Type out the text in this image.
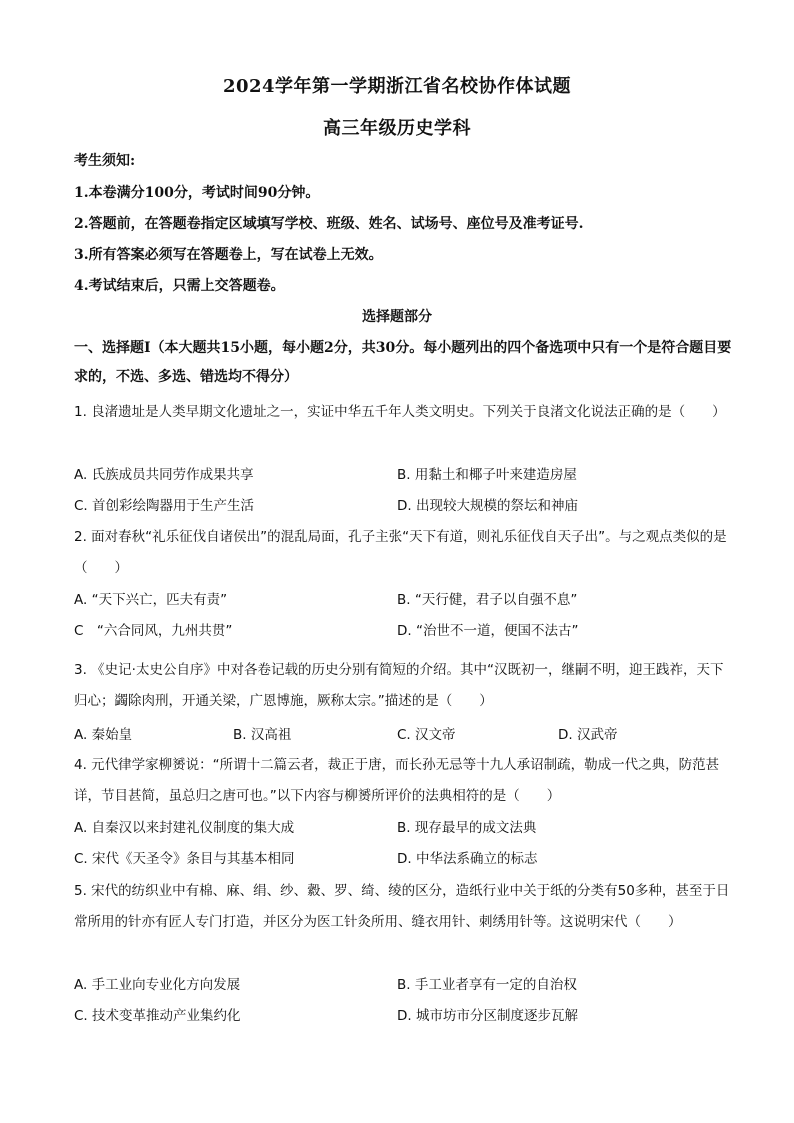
2024学年第一学期浙江省名校协作体试题
高三年级历史学科
考生须知:
1.本卷满分100分，考试时间90分钟。
2.答题前，在答题卷指定区域填写学校、班级、姓名、试场号、座位号及准考证号.
3.所有答案必须写在答题卷上，写在试卷上无效。
4.考试结束后，只需上交答题卷。
选择题部分
一、选择题Ⅰ（本大题共15小题，每小题2分，共30分。每小题列出的四个备选项中只有一个是符合题目要求的，不选、多选、错选均不得分）
1. 良渚遗址是人类早期文化遗址之一，实证中华五千年人类文明史。下列关于良渚文化说法正确的是（　　）
A. 氏族成员共同劳作成果共享	B. 用黏土和椰子叶来建造房屋
C. 首创彩绘陶器用于生产生活	D. 出现较大规模的祭坛和神庙
2. 面对春秋“礼乐征伐自诸侯出”的混乱局面，孔子主张“天下有道，则礼乐征伐自天子出”。与之观点类似的是（　　）
A. “天下兴亡，匹夫有责”	B. “天行健，君子以自强不息”
C　“六合同风，九州共贯”	D. “治世不一道，便国不法古”
3. 《史记·太史公自序》中对各卷记载的历史分别有简短的介绍。其中“汉既初一，继嗣不明，迎王践祚，天下归心；蠲除肉刑，开通关梁，广恩博施，厥称太宗。”描述的是（　　）
A. 秦始皇	B. 汉高祖	C. 汉文帝	D. 汉武帝
4. 元代律学家柳赟说：“所谓十二篇云者，裁正于唐，而长孙无忌等十九人承诏制疏，勒成一代之典，防范甚详，节目甚简，虽总归之唐可也。”以下内容与柳赟所评价的法典相符的是（　　）
A. 自秦汉以来封建礼仪制度的集大成	B. 现存最早的成文法典
C. 宋代《天圣令》条目与其基本相同	D. 中华法系确立的标志
5. 宋代的纺织业中有棉、麻、绢、纱、縠、罗、绮、绫的区分，造纸行业中关于纸的分类有50多种，甚至于日常所用的针亦有匠人专门打造，并区分为医工针灸所用、缝衣用针、刺绣用针等。这说明宋代（　　）
A. 手工业向专业化方向发展	B. 手工业者享有一定的自治权
C. 技术变革推动产业集约化	D. 城市坊市分区制度逐步瓦解
